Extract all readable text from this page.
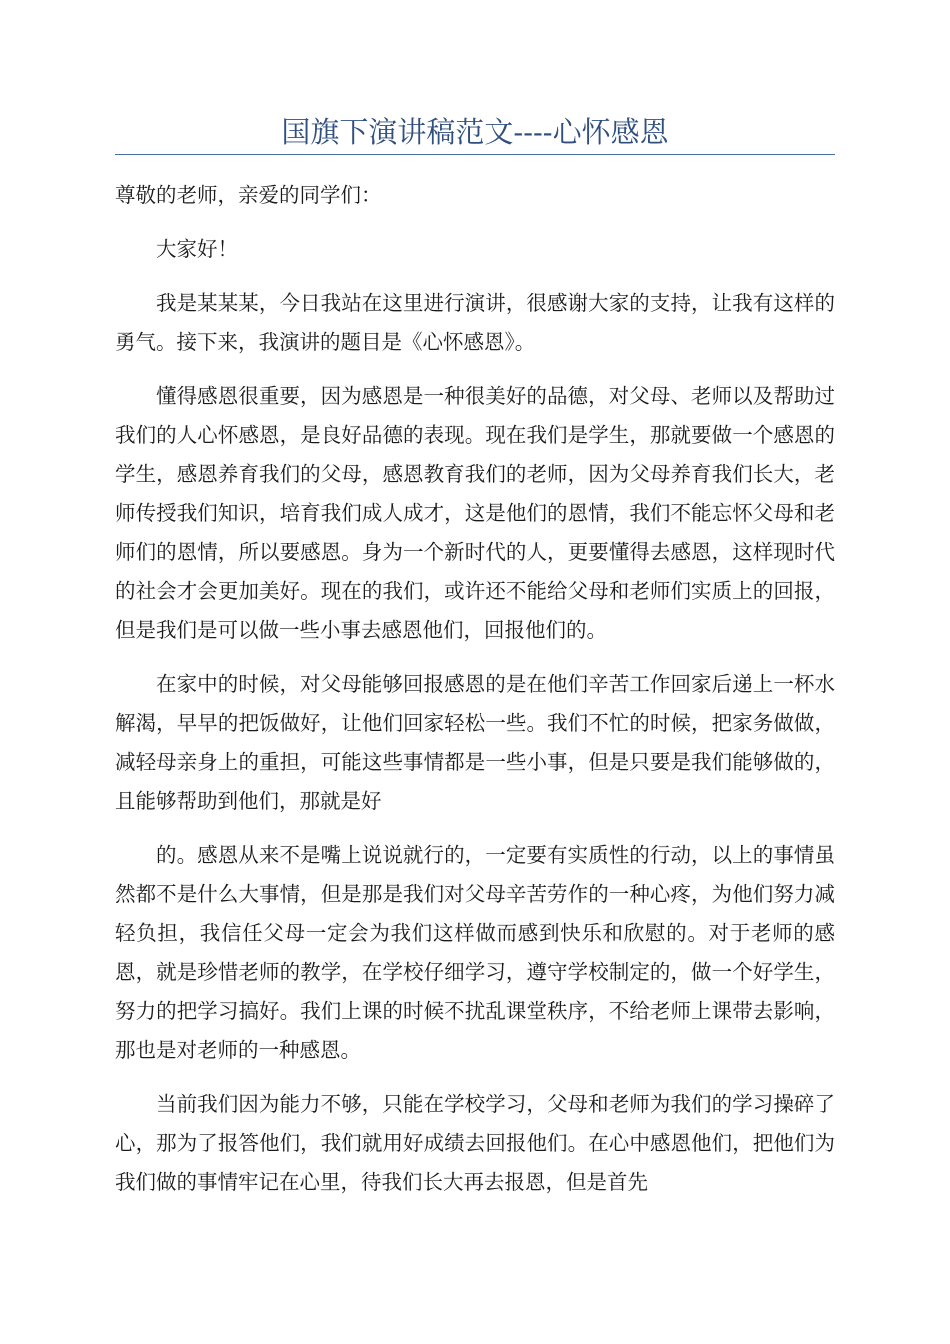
国旗下演讲稿范文----心怀感恩

尊敬的老师，亲爱的同学们：

大家好！

我是某某某，今日我站在这里进行演讲，很感谢大家的支持，让我有这样的勇气。接下来，我演讲的题目是《心怀感恩》。

懂得感恩很重要，因为感恩是一种很美好的品德，对父母、老师以及帮助过我们的人心怀感恩，是良好品德的表现。现在我们是学生，那就要做一个感恩的学生，感恩养育我们的父母，感恩教育我们的老师，因为父母养育我们长大，老师传授我们知识，培育我们成人成才，这是他们的恩情，我们不能忘怀父母和老师们的恩情，所以要感恩。身为一个新时代的人，更要懂得去感恩，这样现时代的社会才会更加美好。现在的我们，或许还不能给父母和老师们实质上的回报，但是我们是可以做一些小事去感恩他们，回报他们的。

在家中的时候，对父母能够回报感恩的是在他们辛苦工作回家后递上一杯水解渴，早早的把饭做好，让他们回家轻松一些。我们不忙的时候，把家务做做，减轻母亲身上的重担，可能这些事情都是一些小事，但是只要是我们能够做的，且能够帮助到他们，那就是好

的。感恩从来不是嘴上说说就行的，一定要有实质性的行动，以上的事情虽然都不是什么大事情，但是那是我们对父母辛苦劳作的一种心疼，为他们努力减轻负担，我信任父母一定会为我们这样做而感到快乐和欣慰的。对于老师的感恩，就是珍惜老师的教学，在学校仔细学习，遵守学校制定的，做一个好学生，努力的把学习搞好。我们上课的时候不扰乱课堂秩序，不给老师上课带去影响，那也是对老师的一种感恩。

当前我们因为能力不够，只能在学校学习，父母和老师为我们的学习操碎了心，那为了报答他们，我们就用好成绩去回报他们。在心中感恩他们，把他们为我们做的事情牢记在心里，待我们长大再去报恩，但是首先
